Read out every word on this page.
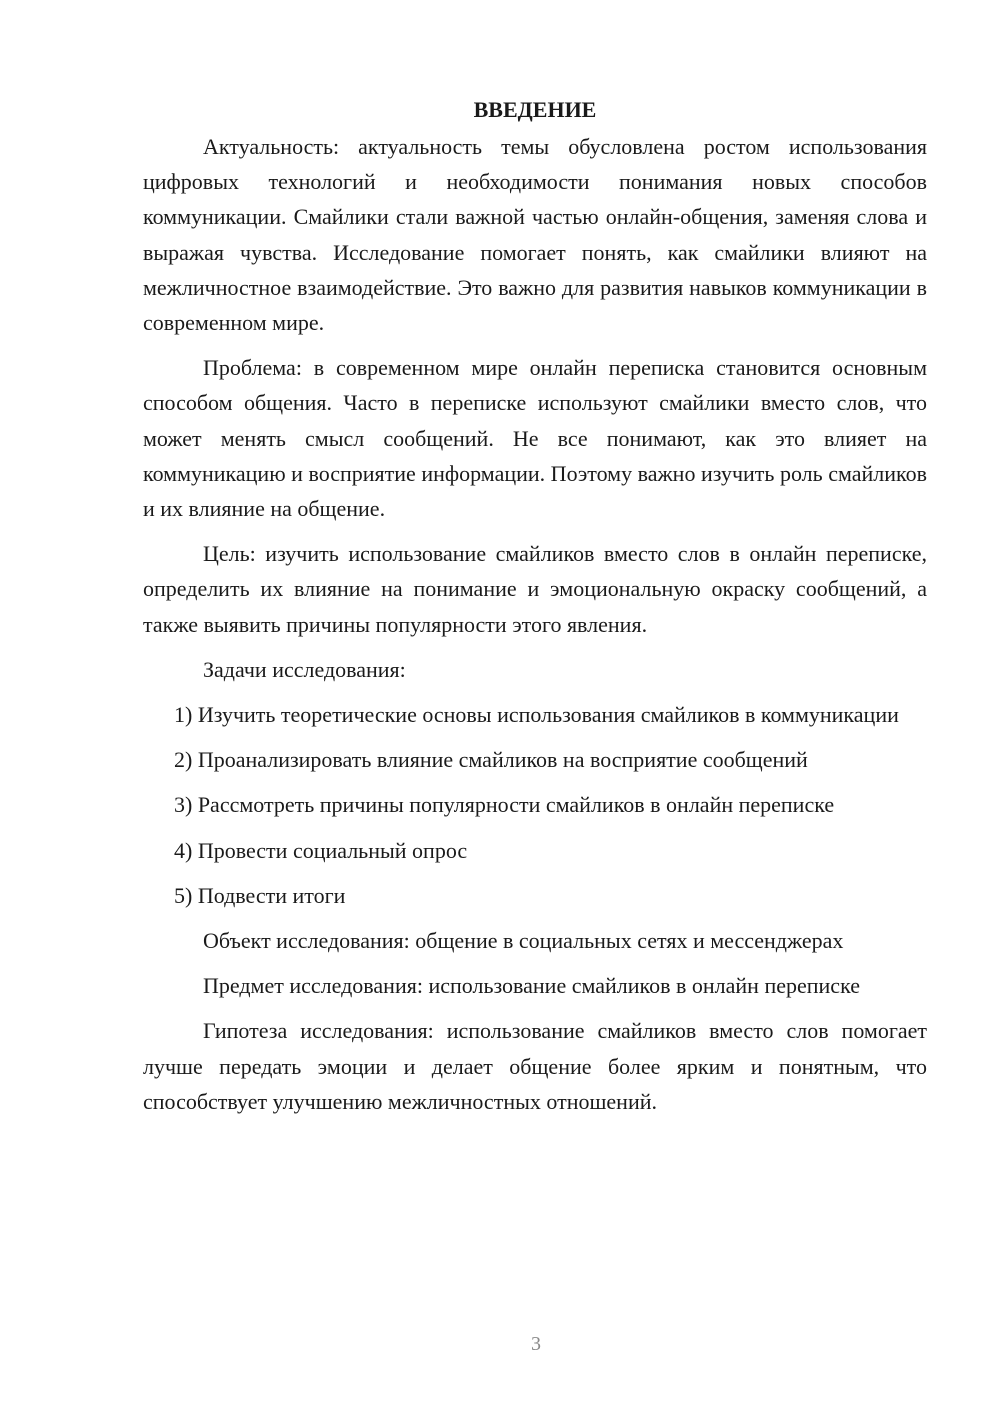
ВВЕДЕНИЕ

Актуальность: актуальность темы обусловлена ростом использования цифровых технологий и необходимости понимания новых способов коммуникации. Смайлики стали важной частью онлайн-общения, заменяя слова и выражая чувства. Исследование помогает понять, как смайлики влияют на межличностное взаимодействие. Это важно для развития навыков коммуникации в современном мире.

Проблема: в современном мире онлайн переписка становится основным способом общения. Часто в переписке используют смайлики вместо слов, что может менять смысл сообщений. Не все понимают, как это влияет на коммуникацию и восприятие информации. Поэтому важно изучить роль смайликов и их влияние на общение.

Цель: изучить использование смайликов вместо слов в онлайн переписке, определить их влияние на понимание и эмоциональную окраску сообщений, а также выявить причины популярности этого явления.

Задачи исследования:

1) Изучить теоретические основы использования смайликов в коммуникации

2) Проанализировать влияние смайликов на восприятие сообщений

3) Рассмотреть причины популярности смайликов в онлайн переписке

4) Провести социальный опрос

5) Подвести итоги

Объект исследования: общение в социальных сетях и мессенджерах

Предмет исследования: использование смайликов в онлайн переписке

Гипотеза исследования: использование смайликов вместо слов помогает лучше передать эмоции и делает общение более ярким и понятным, что способствует улучшению межличностных отношений.

3
